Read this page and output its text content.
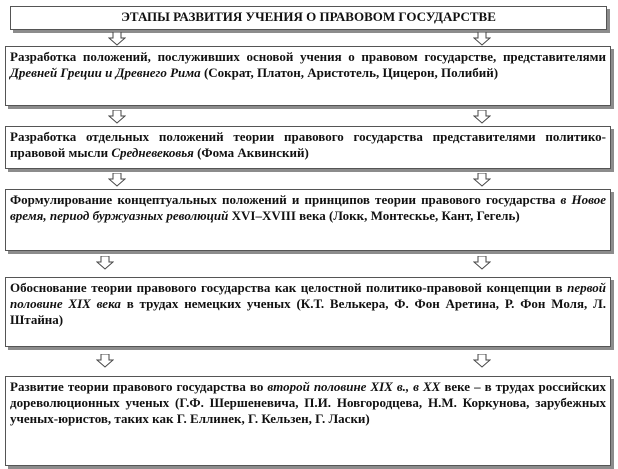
ЭТАПЫ РАЗВИТИЯ УЧЕНИЯ О ПРАВОВОМ ГОСУДАРСТВЕ
Разработка положений, послуживших основой учения о правовом государстве, представителями Древней Греции и Древнего Рима (Сократ, Платон, Аристотель, Цицерон, Полибий)
Разработка отдельных положений теории правового государства представителями политико-правовой мысли Средневековья (Фома Аквинский)
Формулирование концептуальных положений и принципов теории правового государства в Новое время, период буржуазных революций XVI–XVIII века (Локк, Монтескье, Кант, Гегель)
Обоснование теории правового государства как целостной политико-правовой концепции в первой половине XIX века в трудах немецких ученых (К.Т. Велькера, Ф. Фон Аретина, Р. Фон Моля, Л. Штайна)
Развитие теории правового государства во второй половине XIX в., в XX веке – в трудах российских дореволюционных ученых (Г.Ф. Шершеневича, П.И. Новгородцева, Н.М. Коркунова, зарубежных ученых-юристов, таких как Г. Еллинек, Г. Кельзен, Г. Ласки)
